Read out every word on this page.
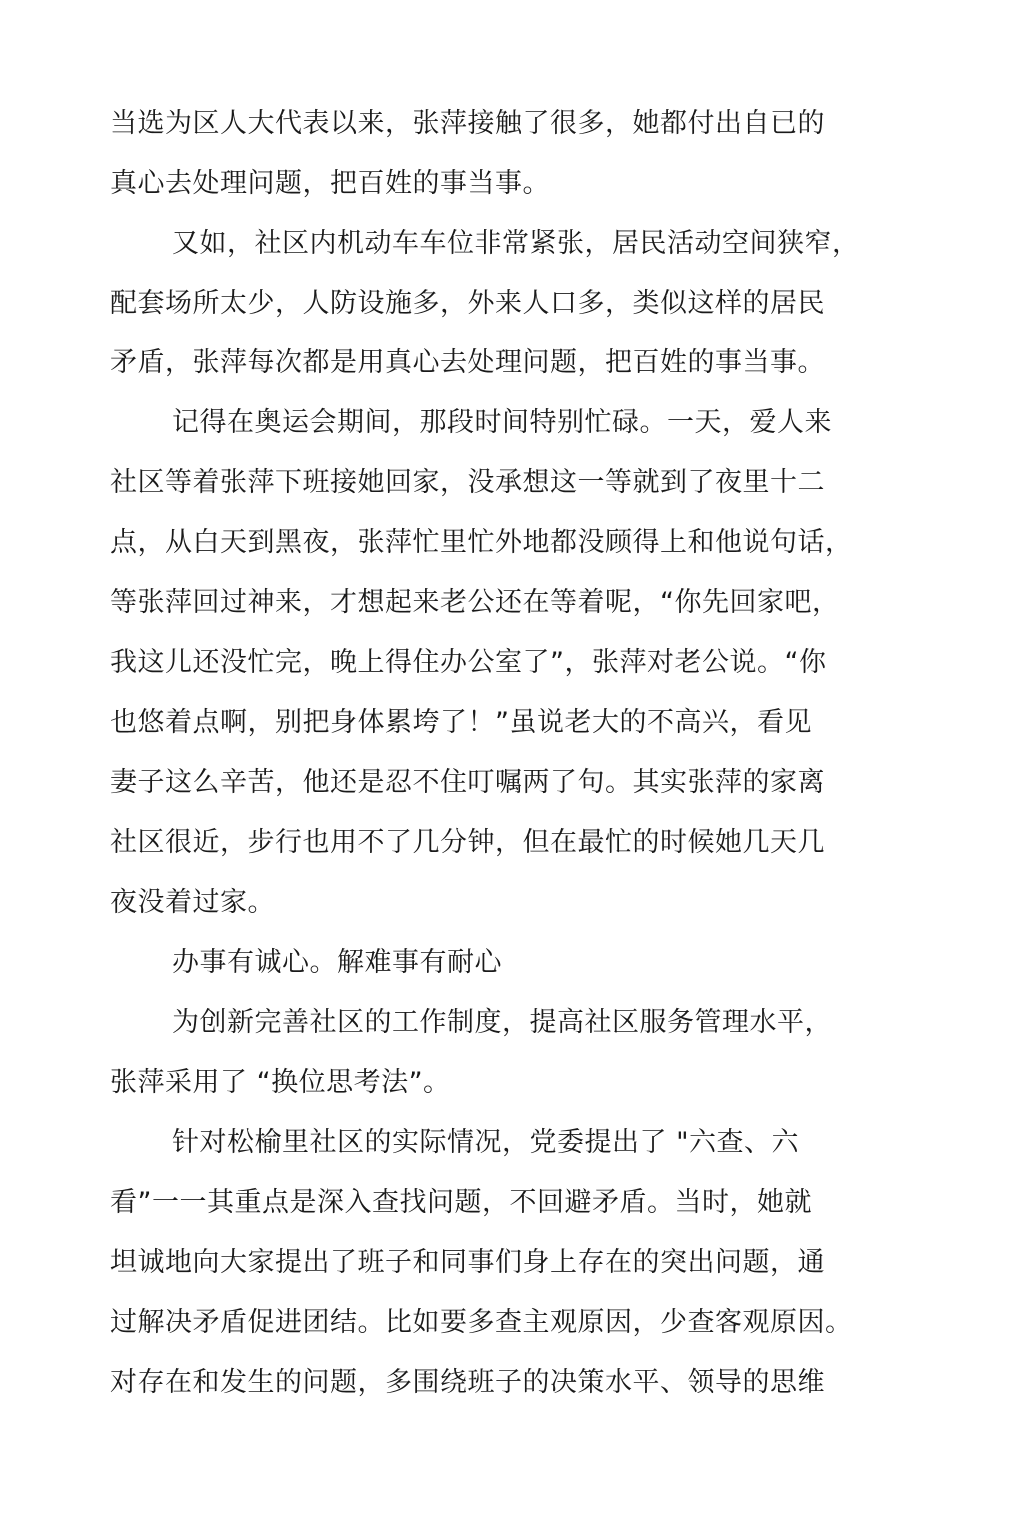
当选为区人大代表以来，张萍接触了很多，她都付出自已的
真心去处理问题，把百姓的事当事。
又如，社区内机动车车位非常紧张，居民活动空间狭窄，
配套场所太少，人防设施多，外来人口多，类似这样的居民
矛盾，张萍每次都是用真心去处理问题，把百姓的事当事。
记得在奥运会期间，那段时间特别忙碌。一天，爱人来
社区等着张萍下班接她回家，没承想这一等就到了夜里十二
点，从白天到黑夜，张萍忙里忙外地都没顾得上和他说句话，
等张萍回过神来，才想起来老公还在等着呢，“你先回家吧，
我这儿还没忙完，晚上得住办公室了”，张萍对老公说。“你
也悠着点啊，别把身体累垮了！”虽说老大的不高兴，看见
妻子这么辛苦，他还是忍不住叮嘱两了句。其实张萍的家离
社区很近，步行也用不了几分钟，但在最忙的时候她几天几
夜没着过家。
办事有诚心。解难事有耐心
为创新完善社区的工作制度，提高社区服务管理水平，
张萍采用了 “换位思考法”。
针对松榆里社区的实际情况，党委提出了 "六查、六
看”一一其重点是深入查找问题，不回避矛盾。当时，她就
坦诚地向大家提出了班子和同事们身上存在的突出问题，通
过解决矛盾促进团结。比如要多查主观原因，少查客观原因。
对存在和发生的问题，多围绕班子的决策水平、领导的思维
